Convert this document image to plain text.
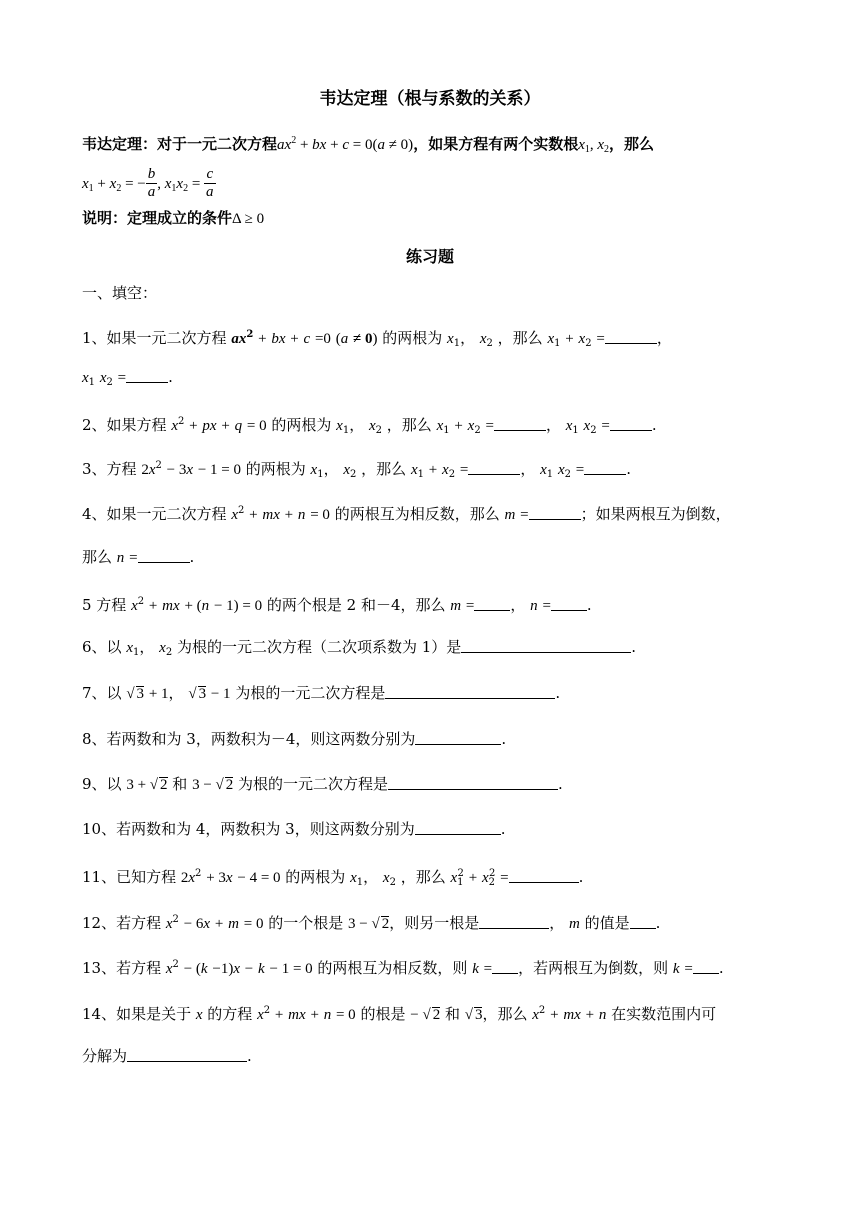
韦达定理（根与系数的关系）
韦达定理：对于一元二次方程$ax^2$ + bx + c = 0(a ≠ 0)，如果方程有两个实数根$x_1$, $x_2$，那么
$x_1 + x_2$ = − $\frac{b}{a}$ , $x_1x_2 = \frac{c}{a}$
说明：定理成立的条件Δ ≥ 0
练习题
一、填空：
1、如果一元二次方程 $ax^2$ + bx + c =0 (a ≠ 0) 的两根为 $x_1$， $x_2$ ，那么 $x_1 + x_2$ =	，
$x_1$ $x_2$ =	.
2、如果方程 $x^2$ + px + q = 0 的两根为 $x_1$， $x_2$ ，那么 $x_1 + x_2$ =	， $x_1$ $x_2$ =	.
3、方程 $2x^2 - 3x - 1 = 0$ 的两根为 $x_1$， $x_2$ ，那么 $x_1 + x_2$ =	， $x_1$ $x_2$ =	.
4、如果一元二次方程 $x^2$ + mx + n = 0 的两根互为相反数，那么 m =	；如果两根互为倒数，
那么 n =	.
5 方程 $x^2$ + mx + (n − 1) = 0 的两个根是 2 和－4，那么 m = ， n = .
6、以 $x_1$， $x_2$ 为根的一元二次方程（二次项系数为 1）是	.
7、以 √ 3 + 1， √ 3 − 1 为根的一元二次方程是	.
8、若两数和为 3，两数积为－4，则这两数分别为	.
9、以 3 + √ 2 和 3 − √ 2 为根的一元二次方程是	.
10、若两数和为 4，两数积为 3，则这两数分别为	.
11、已知方程 $2x^2 + 3x - 4 = 0$ 的两根为 $x_1$， $x_2$ ，那么 $x_1^2 + x_2^2$ =	.
12、若方程 $x^2 - 6x + m = 0$ 的一个根是 3 − √ 2，则另一根是	， m 的值是 .
13、若方程 $x^2 - (k -1)x - k - 1 = 0$ 的两根互为相反数，则 k = ，若两根互为倒数，则 k = .
14、如果是关于 x 的方程 $x^2$ + mx + n = 0 的根是 − √ 2 和 √ 3，那么 $x^2$ + mx + n 在实数范围内可
分解为	.
